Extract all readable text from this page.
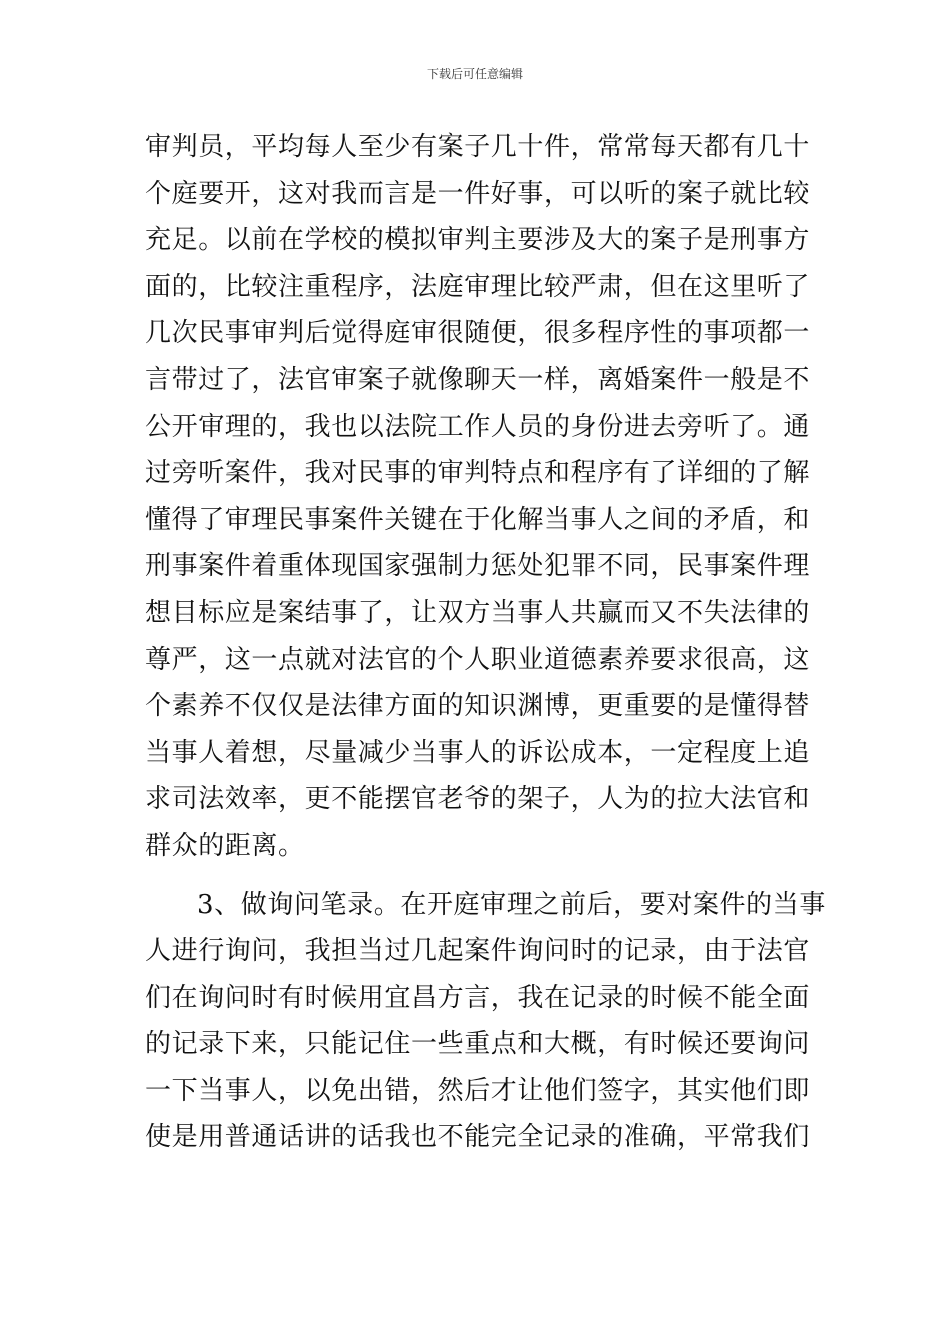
下载后可任意编辑
审判员，平均每人至少有案子几十件，常常每天都有几十
个庭要开，这对我而言是一件好事，可以听的案子就比较
充足。以前在学校的模拟审判主要涉及大的案子是刑事方
面的，比较注重程序，法庭审理比较严肃，但在这里听了
几次民事审判后觉得庭审很随便，很多程序性的事项都一
言带过了，法官审案子就像聊天一样，离婚案件一般是不
公开审理的，我也以法院工作人员的身份进去旁听了。通
过旁听案件，我对民事的审判特点和程序有了详细的了解
懂得了审理民事案件关键在于化解当事人之间的矛盾，和
刑事案件着重体现国家强制力惩处犯罪不同，民事案件理
想目标应是案结事了，让双方当事人共赢而又不失法律的
尊严，这一点就对法官的个人职业道德素养要求很高，这
个素养不仅仅是法律方面的知识渊博，更重要的是懂得替
当事人着想，尽量减少当事人的诉讼成本，一定程度上追
求司法效率，更不能摆官老爷的架子，人为的拉大法官和
群众的距离。
3、做询问笔录。在开庭审理之前后，要对案件的当事
人进行询问，我担当过几起案件询问时的记录，由于法官
们在询问时有时候用宜昌方言，我在记录的时候不能全面
的记录下来，只能记住一些重点和大概，有时候还要询问
一下当事人，以免出错，然后才让他们签字，其实他们即
使是用普通话讲的话我也不能完全记录的准确，平常我们
